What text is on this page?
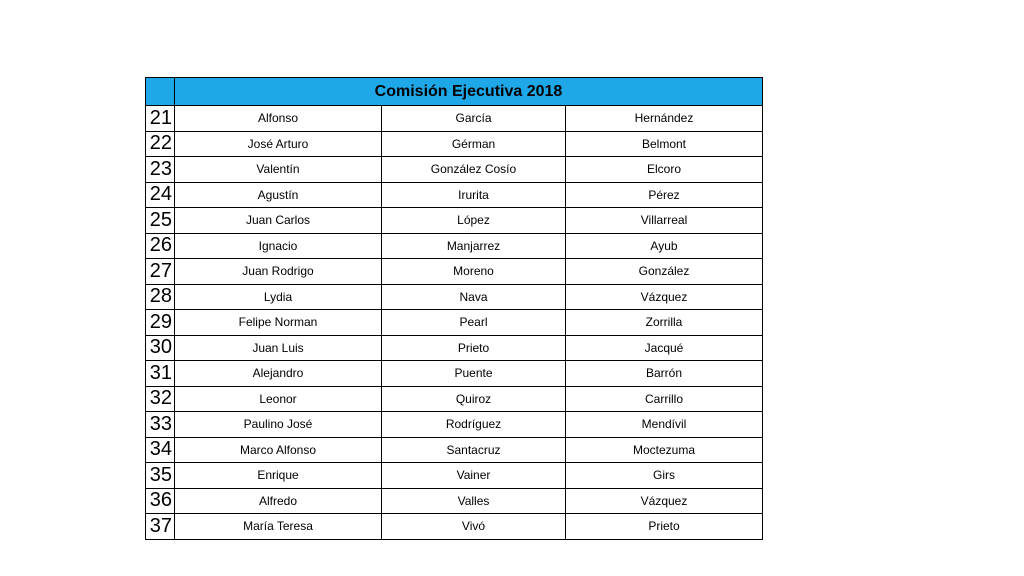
	Comisión Ejecutiva 2018		
21	Alfonso	García	Hernández
22	José Arturo	Gérman	Belmont
23	Valentín	González Cosío	Elcoro
24	Agustín	Irurita	Pérez
25	Juan Carlos	López	Villarreal
26	Ignacio	Manjarrez	Ayub
27	Juan Rodrigo	Moreno	González
28	Lydia	Nava	Vázquez
29	Felipe Norman	Pearl	Zorrilla
30	Juan Luis	Prieto	Jacqué
31	Alejandro	Puente	Barrón
32	Leonor	Quiroz	Carrillo
33	Paulino José	Rodríguez	Mendívil
34	Marco Alfonso	Santacruz	Moctezuma
35	Enrique	Vainer	Girs
36	Alfredo	Valles	Vázquez
37	María Teresa	Vivó	Prieto
